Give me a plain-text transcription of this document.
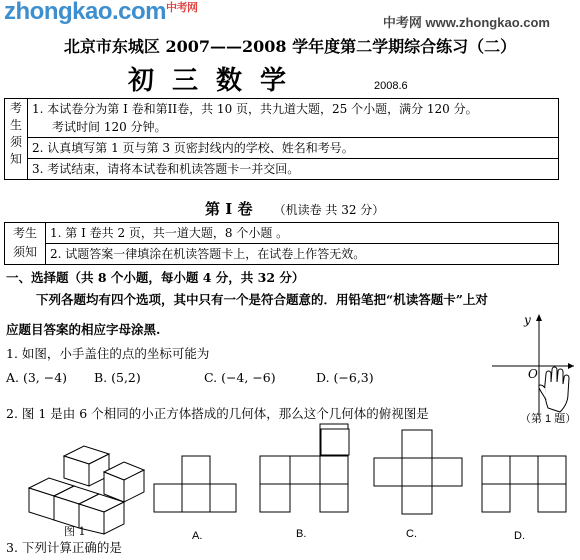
zhongkao.com$^{中考网}$
中考网 www.zhongkao.com
北京市东城区 2007——2008 学年度第二学期综合练习（二）
初三数学	2008.6
考
生
须
知

1. 本试卷分为第 I 卷和第II卷，共 10 页，共九道大题，25 个小题，满分 120 分。
考试时间 120 分钟。
2. 认真填写第 1 页与第 3 页密封线内的学校、姓名和考号。
3. 考试结束，请将本试卷和机读答题卡一并交回。
第 I 卷 （机读卷 共 32 分）
考生
须知

1. 第 I 卷共 2 页，共一道大题，8 个小题 。
2. 试题答案一律填涂在机读答题卡上，在试卷上作答无效。
一、选择题（共 8 个小题，每小题 4 分，共 32 分）
下列各题均有四个选项，其中只有一个是符合题意的．用铅笔把“机读答题卡”上对
应题目答案的相应字母涂黑.
1. 如图，小手盖住的点的坐标可能为
A. (3, −4) B. (5,2)	C. (−4, −6)	D. (−6,3)
y
O
（第 1 题）
2. 图 1 是由 6 个相同的小正方体搭成的几何体，那么这个几何体的俯视图是
图 1	A.	B.	C.	D.
3. 下列计算正确的是
